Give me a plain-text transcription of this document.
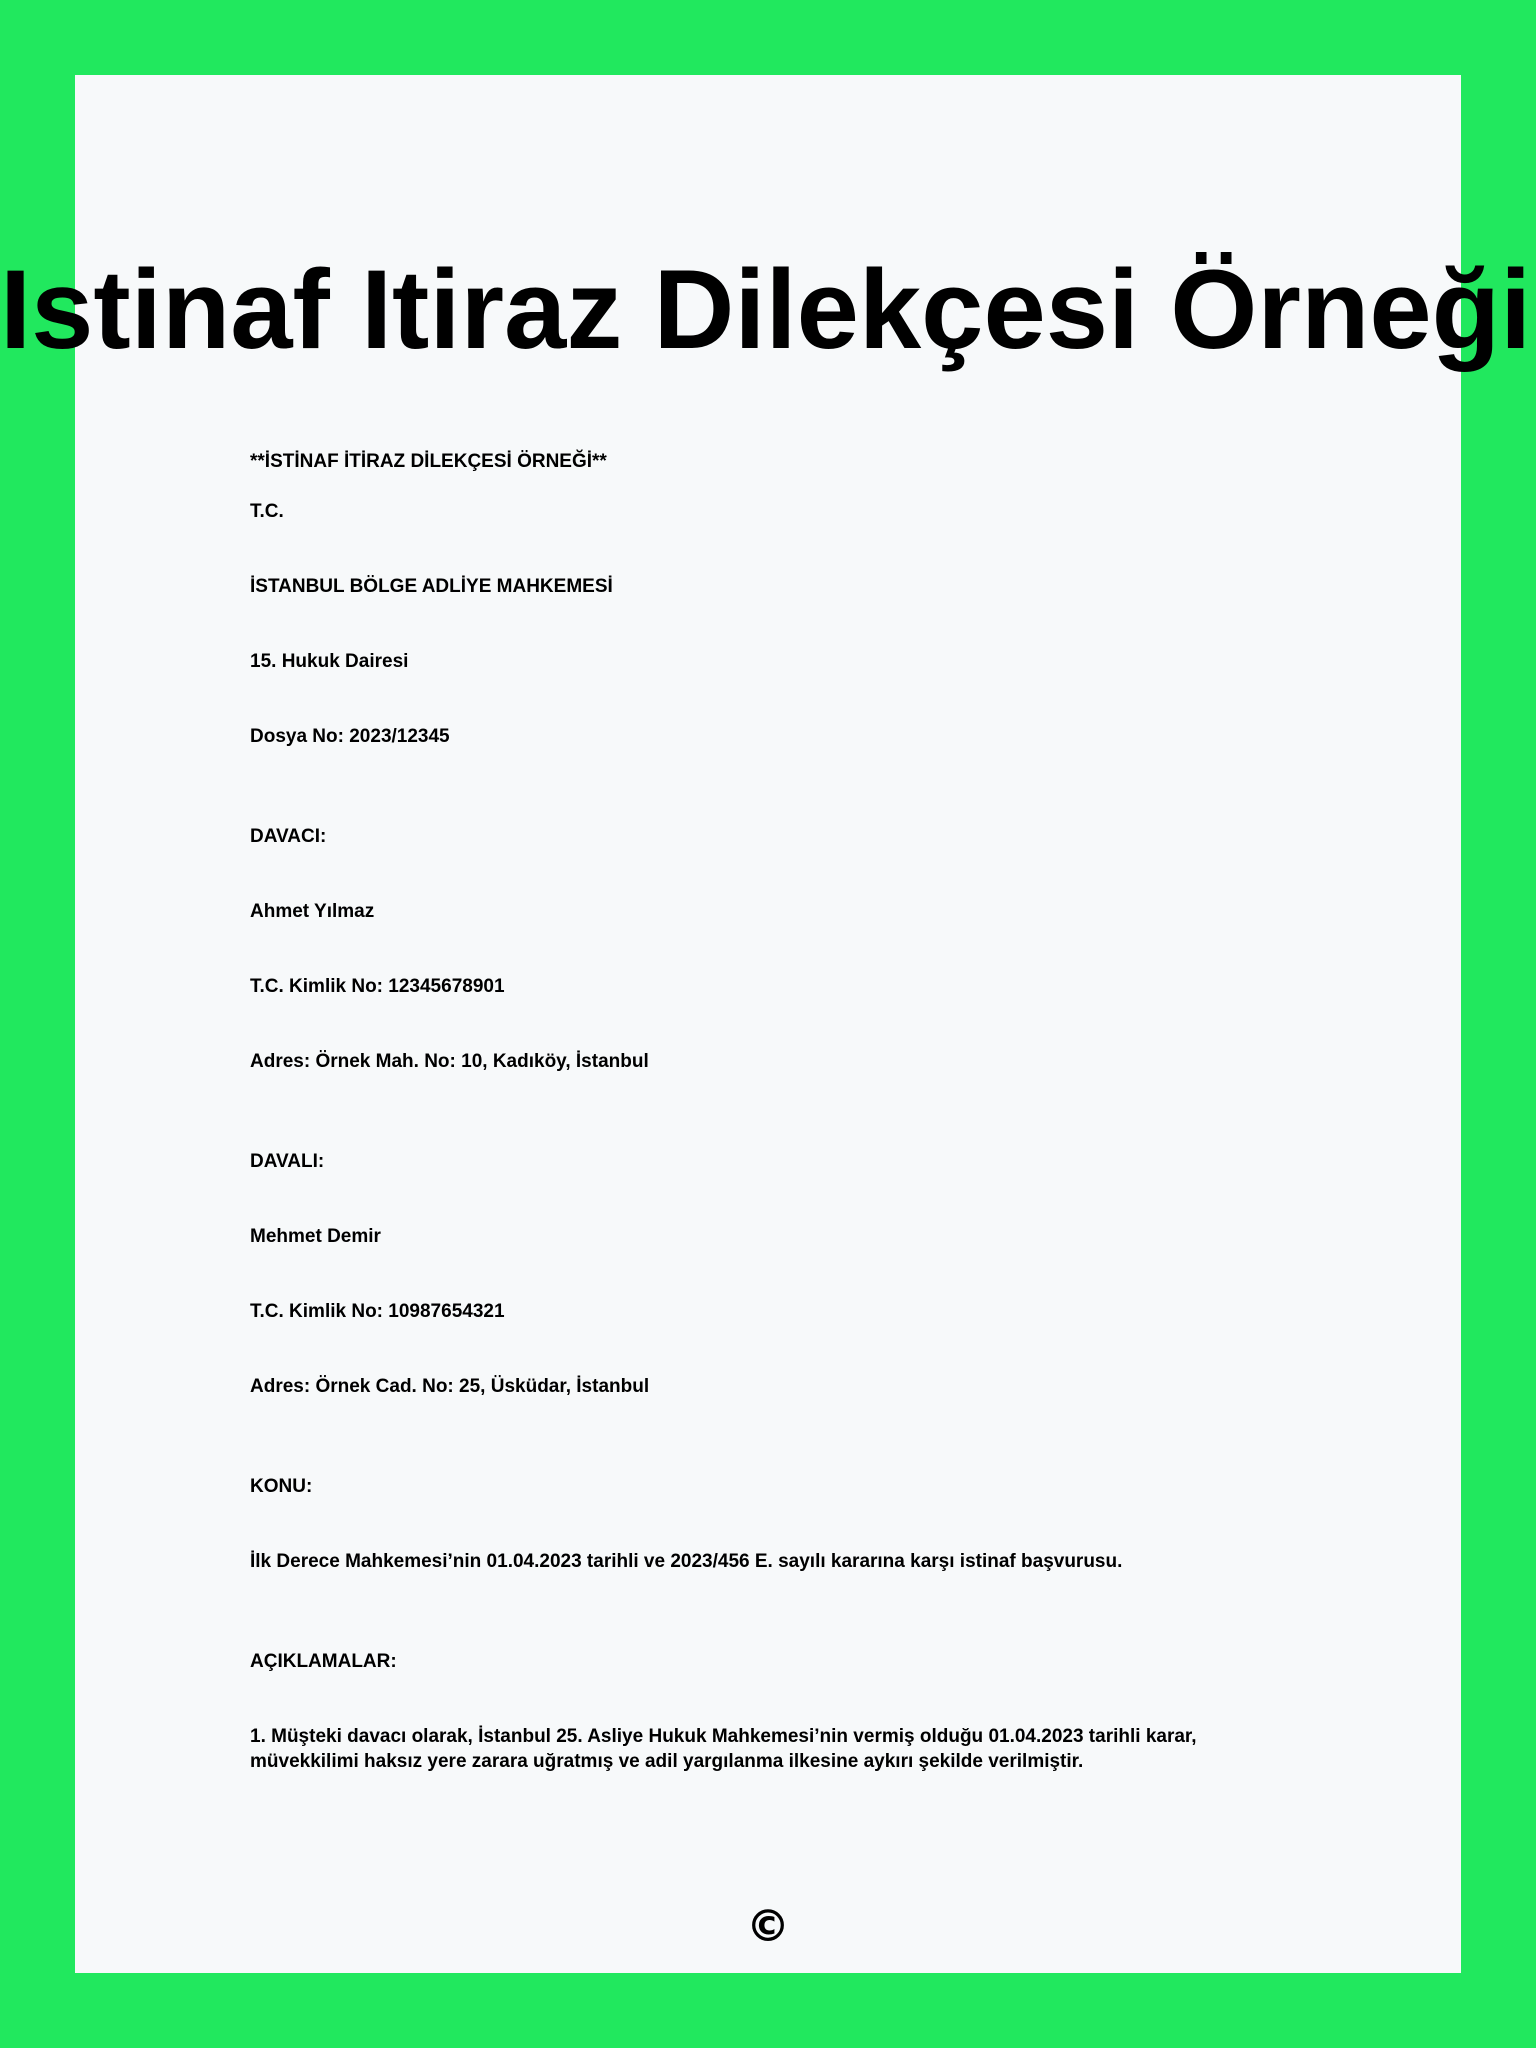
Istinaf Itiraz Dilekçesi Örneği

**İSTİNAF İTİRAZ DİLEKÇESİ ÖRNEĞİ**

T.C.

İSTANBUL BÖLGE ADLİYE MAHKEMESİ

15. Hukuk Dairesi

Dosya No: 2023/12345

DAVACI:

Ahmet Yılmaz

T.C. Kimlik No: 12345678901

Adres: Örnek Mah. No: 10, Kadıköy, İstanbul

DAVALI:

Mehmet Demir

T.C. Kimlik No: 10987654321

Adres: Örnek Cad. No: 25, Üsküdar, İstanbul

KONU:

İlk Derece Mahkemesi’nin 01.04.2023 tarihli ve 2023/456 E. sayılı kararına karşı istinaf başvurusu.

AÇIKLAMALAR:

1. Müşteki davacı olarak, İstanbul 25. Asliye Hukuk Mahkemesi’nin vermiş olduğu 01.04.2023 tarihli karar, müvekkilimi haksız yere zarara uğratmış ve adil yargılanma ilkesine aykırı şekilde verilmiştir.

©
